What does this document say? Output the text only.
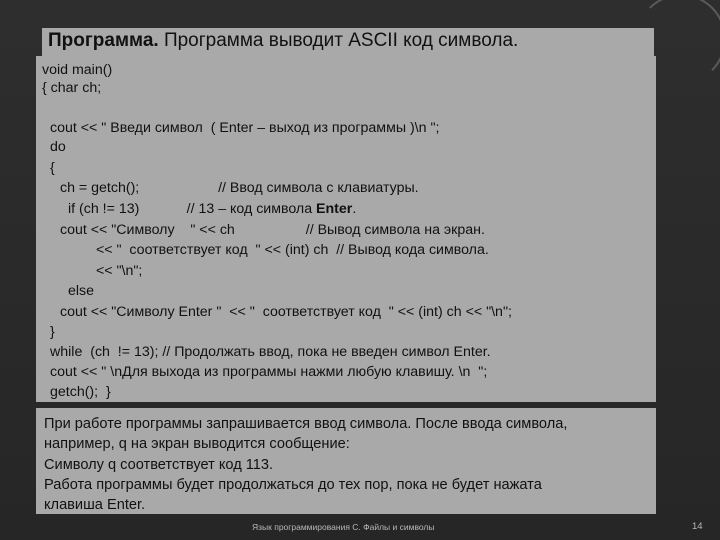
Программа. Программа выводит ASCII код символа.
void main()
{ char ch;
cout << " Введи символ  ( Enter – выход из программы )\n ";
do
{
ch = getch();                    // Ввод символа с клавиатуры.
if (ch != 13)            // 13 – код символа Enter.
cout << "Символу    " << ch                  // Вывод символа на экран.
<< "  соответствует код  " << (int) ch  // Вывод кода символа.
<< "\n";
else
cout << "Символу Enter "  << "  соответствует код  " << (int) ch << "\n";
}
while  (ch  != 13); // Продолжать ввод, пока не введен символ Enter.
cout << " \nДля выхода из программы нажми любую клавишу. \n  ";
getch();  }
При работе программы запрашивается ввод символа. После ввода символа,
например, q на экран выводится сообщение:
Символу q соответствует код 113.
Работа программы будет продолжаться до тех пор, пока не будет нажата
клавиша Enter.
Язык программирования С. Файлы и символы	14
